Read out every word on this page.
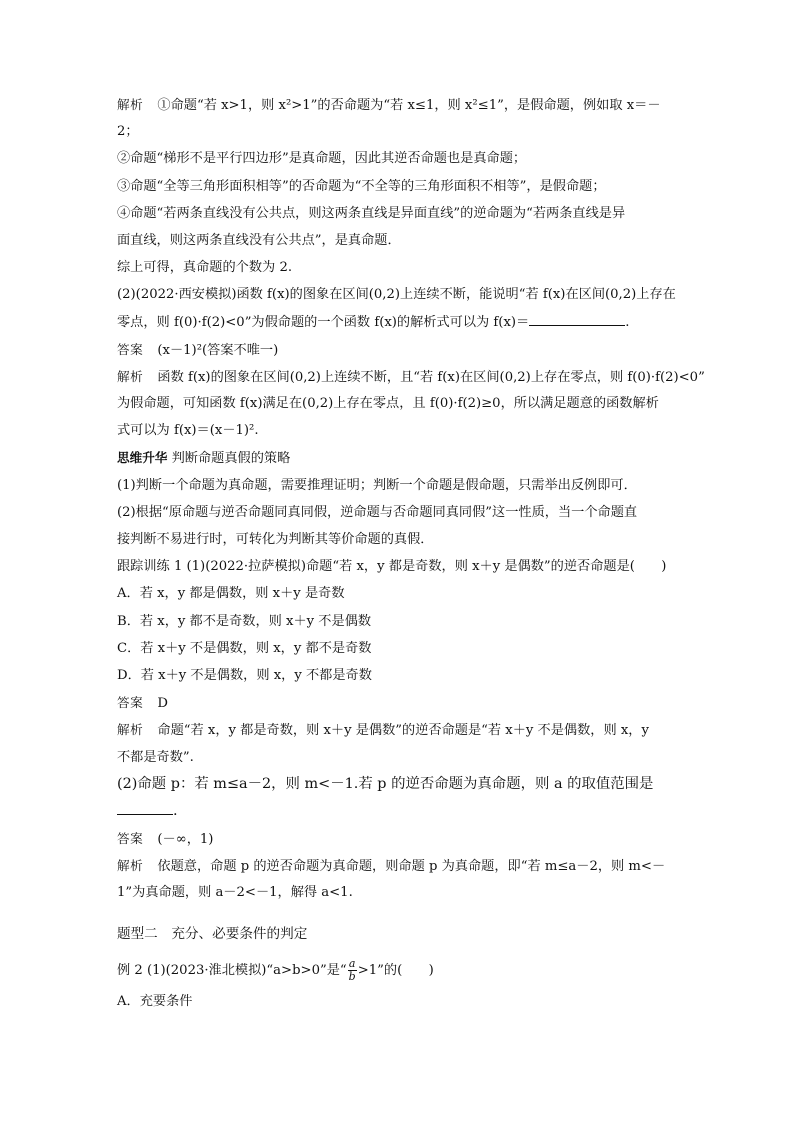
解析 ①命题“若 x>1，则 x²>1”的否命题为“若 x≤1，则 x²≤1”，是假命题，例如取 x＝－
2；
②命题“梯形不是平行四边形”是真命题，因此其逆否命题也是真命题；
③命题“全等三角形面积相等”的否命题为“不全等的三角形面积不相等”，是假命题；
④命题“若两条直线没有公共点，则这两条直线是异面直线”的逆命题为“若两条直线是异
面直线，则这两条直线没有公共点”，是真命题．
综上可得，真命题的个数为 2.
(2)(2022·西安模拟)函数 f(x)的图象在区间(0,2)上连续不断，能说明“若 f(x)在区间(0,2)上存在
零点，则 f(0)·f(2)<0”为假命题的一个函数 f(x)的解析式可以为 f(x)＝	.
答案 (x－1)²(答案不唯一)
解析 函数 f(x)的图象在区间(0,2)上连续不断，且“若 f(x)在区间(0,2)上存在零点，则 f(0)·f(2)<0”
为假命题，可知函数 f(x)满足在(0,2)上存在零点，且 f(0)·f(2)≥0，所以满足题意的函数解析
式可以为 f(x)＝(x－1)².
思维升华 判断命题真假的策略
(1)判断一个命题为真命题，需要推理证明；判断一个命题是假命题，只需举出反例即可．
(2)根据“原命题与逆否命题同真同假，逆命题与否命题同真同假”这一性质，当一个命题直
接判断不易进行时，可转化为判断其等价命题的真假．
跟踪训练 1 (1)(2022·拉萨模拟)命题“若 x，y 都是奇数，则 x＋y 是偶数”的逆否命题是(　　)
A．若 x，y 都是偶数，则 x＋y 是奇数
B．若 x，y 都不是奇数，则 x＋y 不是偶数
C．若 x＋y 不是偶数，则 x，y 都不是奇数
D．若 x＋y 不是偶数，则 x，y 不都是奇数
答案 D
解析 命题“若 x，y 都是奇数，则 x＋y 是偶数”的逆否命题是“若 x＋y 不是偶数，则 x，y
不都是奇数”.
(2)命题 p：若 m≤a－2，则 m<－1.若 p 的逆否命题为真命题，则 a 的取值范围是
.
答案 (－∞，1)
解析 依题意，命题 p 的逆否命题为真命题，则命题 p 为真命题，即“若 m≤a－2，则 m<－
1”为真命题，则 a－2<－1，解得 a<1.
题型二　充分、必要条件的判定
例 2 (1)(2023·淮北模拟)“a>b>0”是“ $\frac{a}{b} >1$”的(　　)
A．充要条件
